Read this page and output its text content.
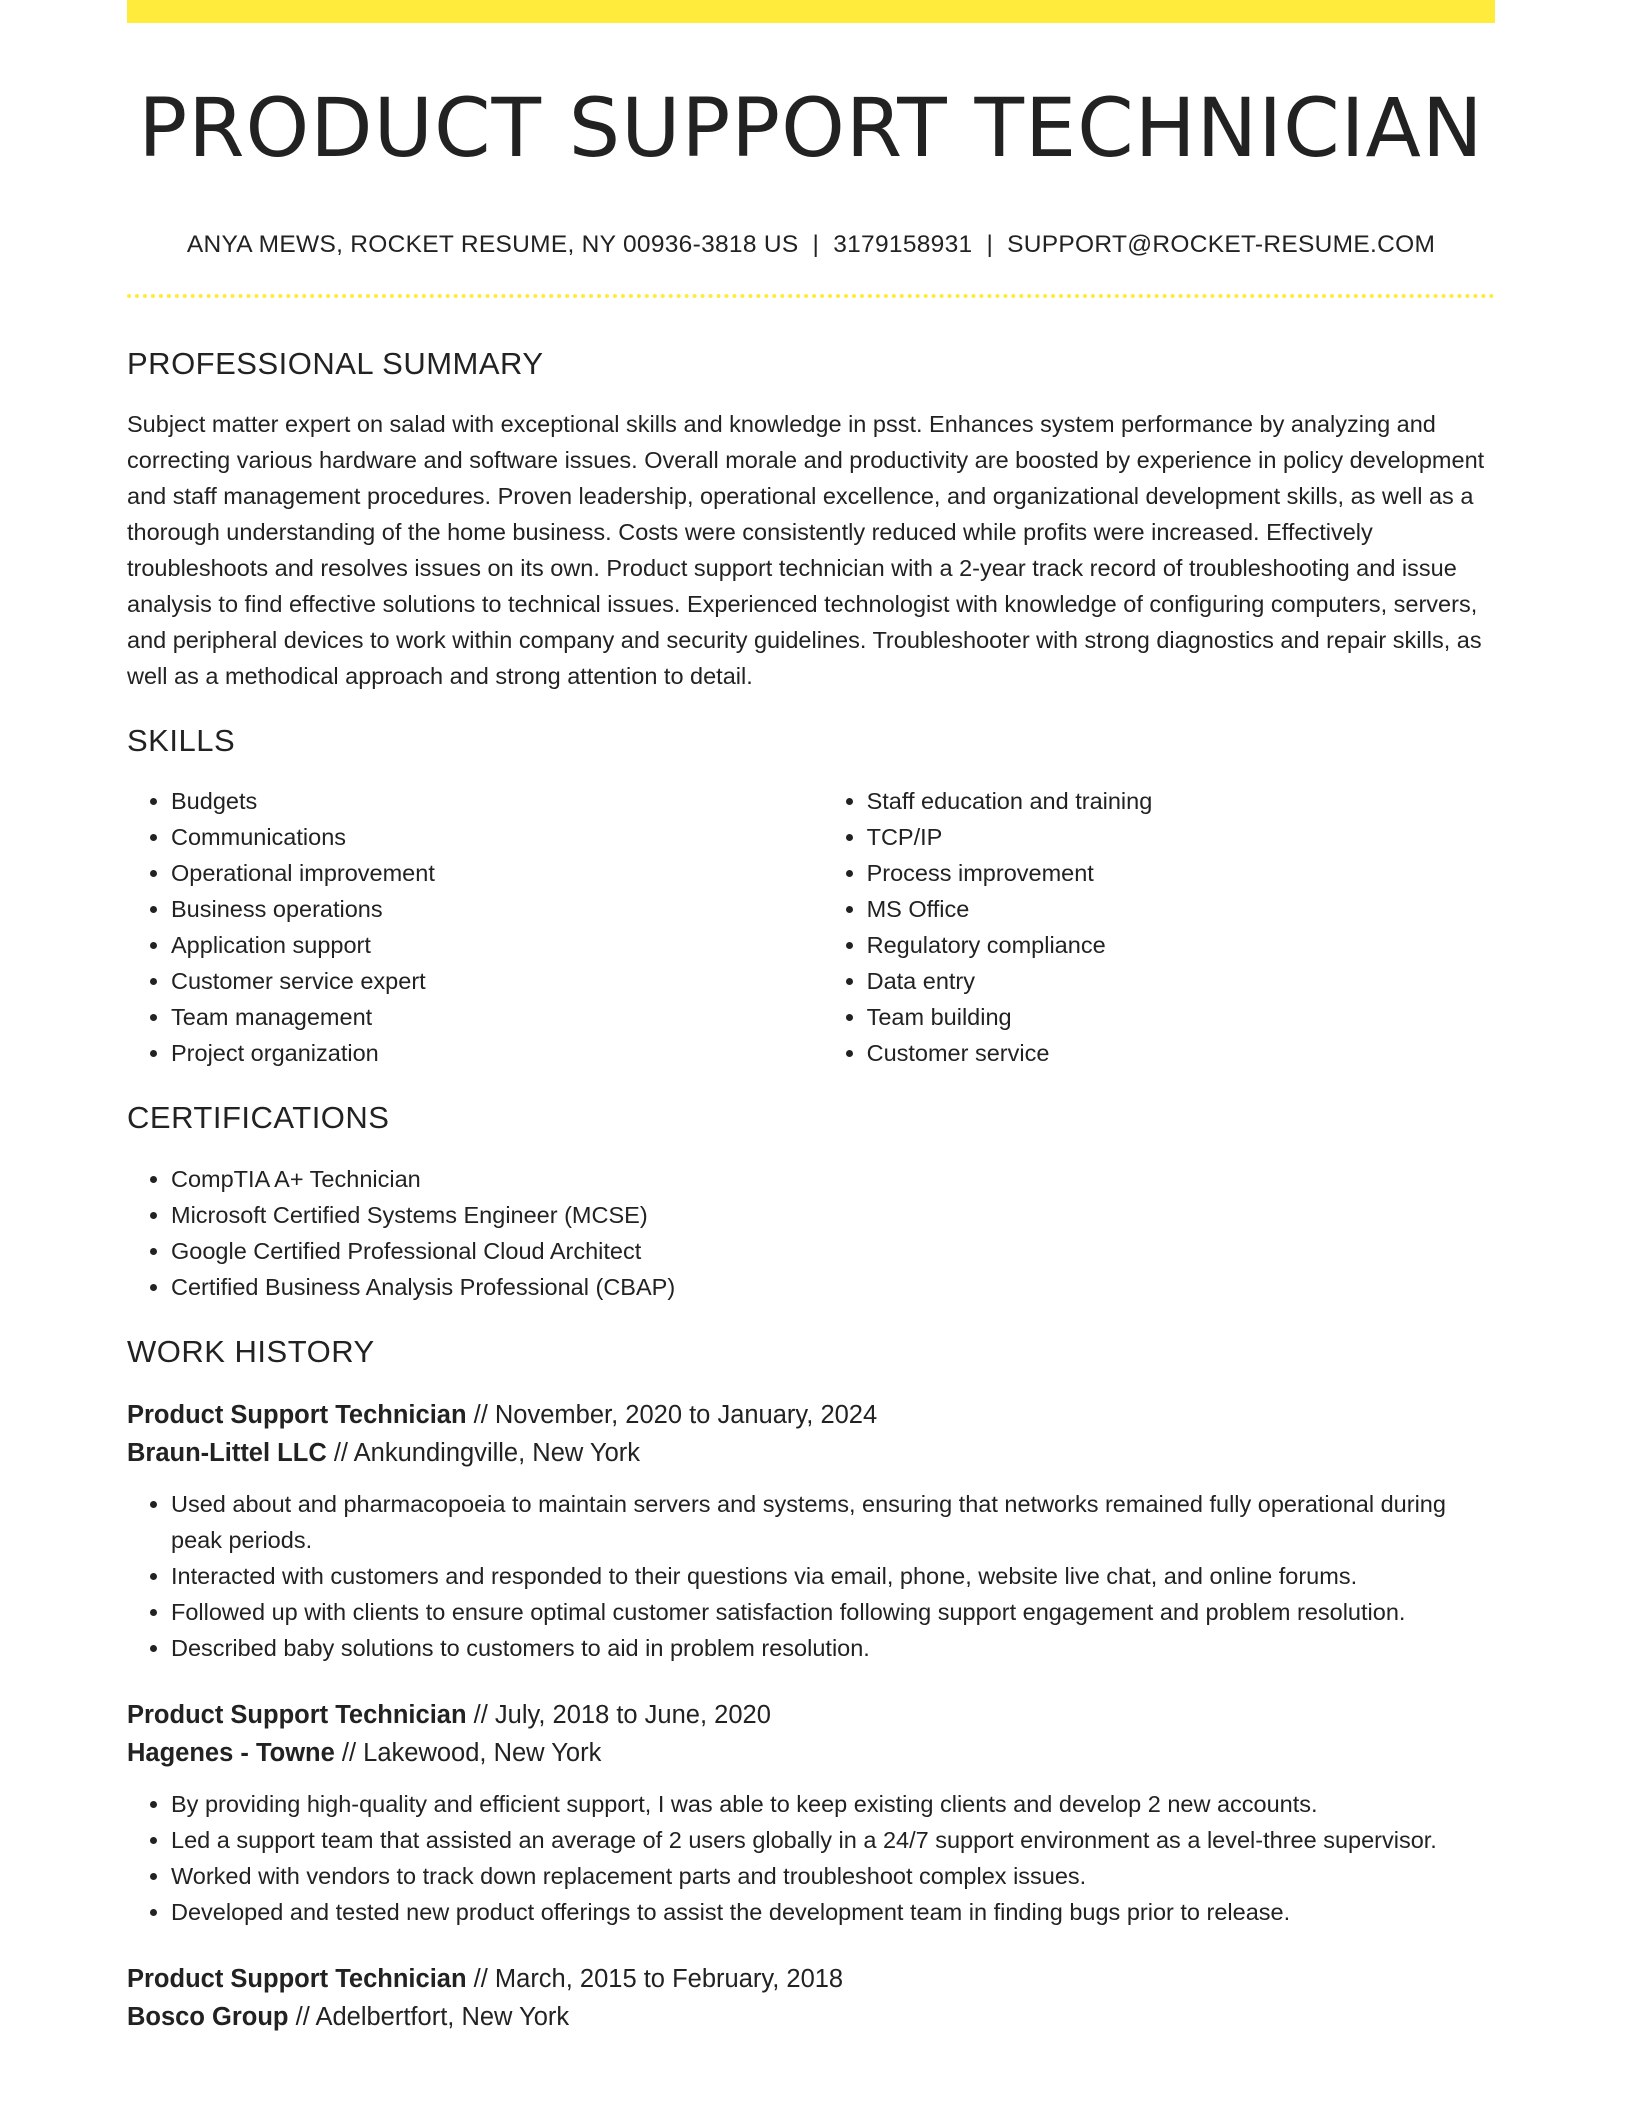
PRODUCT SUPPORT TECHNICIAN
ANYA MEWS, ROCKET RESUME, NY 00936-3818 US | 3179158931 | SUPPORT@ROCKET-RESUME.COM
PROFESSIONAL SUMMARY
Subject matter expert on salad with exceptional skills and knowledge in psst. Enhances system performance by analyzing and correcting various hardware and software issues. Overall morale and productivity are boosted by experience in policy development and staff management procedures. Proven leadership, operational excellence, and organizational development skills, as well as a thorough understanding of the home business. Costs were consistently reduced while profits were increased. Effectively troubleshoots and resolves issues on its own. Product support technician with a 2-year track record of troubleshooting and issue analysis to find effective solutions to technical issues. Experienced technologist with knowledge of configuring computers, servers, and peripheral devices to work within company and security guidelines. Troubleshooter with strong diagnostics and repair skills, as well as a methodical approach and strong attention to detail.
SKILLS
• Budgets
• Communications
• Operational improvement
• Business operations
• Application support
• Customer service expert
• Team management
• Project organization
• Staff education and training
• TCP/IP
• Process improvement
• MS Office
• Regulatory compliance
• Data entry
• Team building
• Customer service
CERTIFICATIONS
• CompTIA A+ Technician
• Microsoft Certified Systems Engineer (MCSE)
• Google Certified Professional Cloud Architect
• Certified Business Analysis Professional (CBAP)
WORK HISTORY
Product Support Technician // November, 2020 to January, 2024
Braun-Littel LLC // Ankundingville, New York
• Used about and pharmacopoeia to maintain servers and systems, ensuring that networks remained fully operational during peak periods.
• Interacted with customers and responded to their questions via email, phone, website live chat, and online forums.
• Followed up with clients to ensure optimal customer satisfaction following support engagement and problem resolution.
• Described baby solutions to customers to aid in problem resolution.
Product Support Technician // July, 2018 to June, 2020
Hagenes - Towne // Lakewood, New York
• By providing high-quality and efficient support, I was able to keep existing clients and develop 2 new accounts.
• Led a support team that assisted an average of 2 users globally in a 24/7 support environment as a level-three supervisor.
• Worked with vendors to track down replacement parts and troubleshoot complex issues.
• Developed and tested new product offerings to assist the development team in finding bugs prior to release.
Product Support Technician // March, 2015 to February, 2018
Bosco Group // Adelbertfort, New York
